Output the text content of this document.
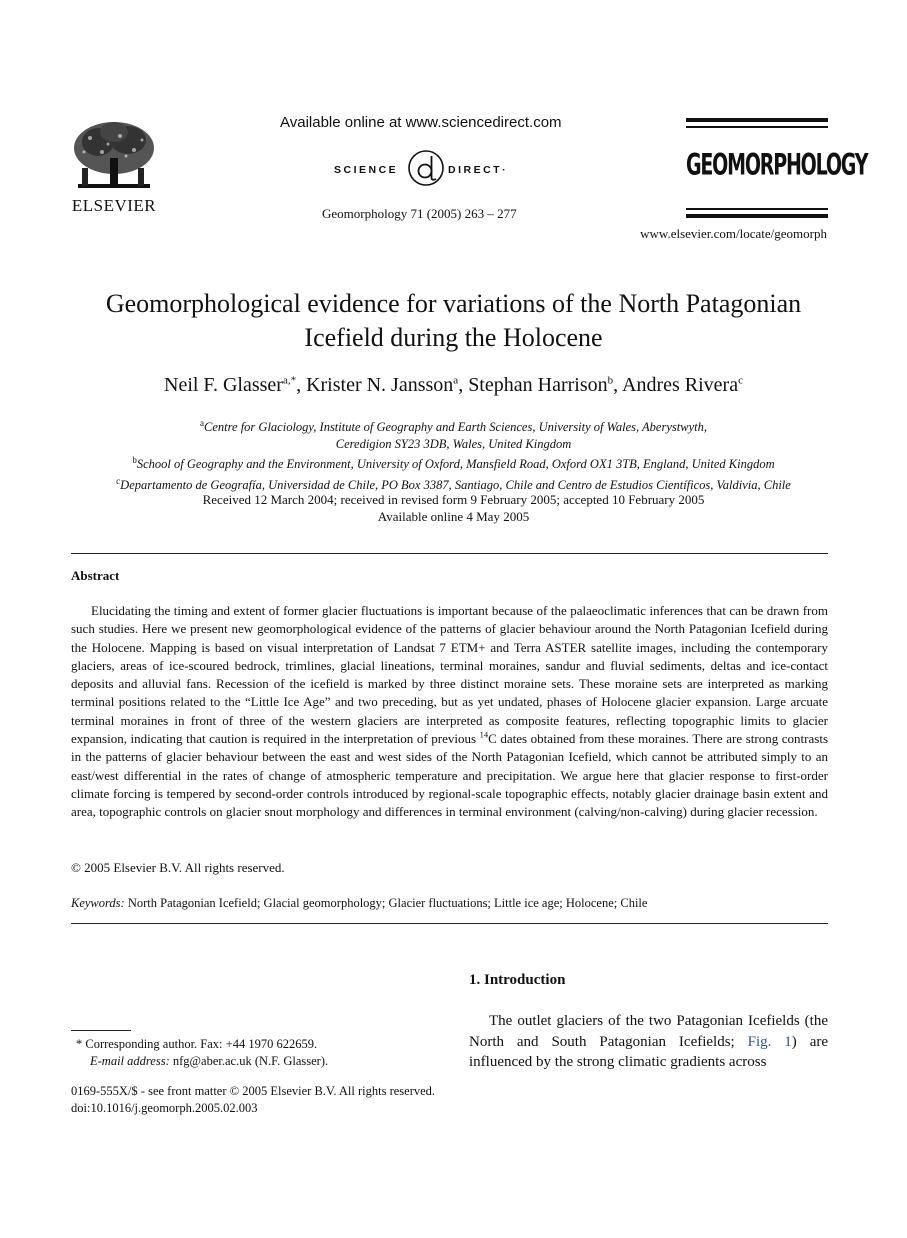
ELSEVIER
Available online at www.sciencedirect.com
SCIENCE	DIRECT·
Geomorphology 71 (2005) 263 – 277
GEOMORPHOLOGY
www.elsevier.com/locate/geomorph
Geomorphological evidence for variations of the North Patagonian
Icefield during the Holocene
Neil F. Glasser$^{a,*}$, Krister N. Jansson$^a$, Stephan Harrison$^b$, Andres Rivera$^c$
$^a$Centre for Glaciology, Institute of Geography and Earth Sciences, University of Wales, Aberystwyth,
Ceredigion SY23 3DB, Wales, United Kingdom
$^b$School of Geography and the Environment, University of Oxford, Mansfield Road, Oxford OX1 3TB, England, United Kingdom
$^c$Departamento de Geografía, Universidad de Chile, PO Box 3387, Santiago, Chile and Centro de Estudios Científicos, Valdivia, Chile
Received 12 March 2004; received in revised form 9 February 2005; accepted 10 February 2005
Available online 4 May 2005
Abstract

Elucidating the timing and extent of former glacier fluctuations is important because of the palaeoclimatic inferences that can be drawn from such studies. Here we present new geomorphological evidence of the patterns of glacier behaviour around the North Patagonian Icefield during the Holocene. Mapping is based on visual interpretation of Landsat 7 ETM+ and Terra ASTER satellite images, including the contemporary glaciers, areas of ice-scoured bedrock, trimlines, glacial lineations, terminal moraines, sandur and fluvial sediments, deltas and ice-contact deposits and alluvial fans. Recession of the icefield is marked by three distinct moraine sets. These moraine sets are interpreted as marking terminal positions related to the “Little Ice Age” and two preceding, but as yet undated, phases of Holocene glacier expansion. Large arcuate terminal moraines in front of three of the western glaciers are interpreted as composite features, reflecting topographic limits to glacier expansion, indicating that caution is required in the interpretation of previous $^{14}$C dates obtained from these moraines. There are strong contrasts in the patterns of glacier behaviour between the east and west sides of the North Patagonian Icefield, which cannot be attributed simply to an east/west differential in the rates of change of atmospheric temperature and precipitation. We argue here that glacier response to first-order climate forcing is tempered by second-order controls introduced by regional-scale topographic effects, notably glacier drainage basin extent and area, topographic controls on glacier snout morphology and differences in terminal environment (calving/non-calving) during glacier recession.

© 2005 Elsevier B.V. All rights reserved.
Keywords: North Patagonian Icefield; Glacial geomorphology; Glacier fluctuations; Little ice age; Holocene; Chile
1. Introduction

The outlet glaciers of the two Patagonian Icefields (the North and South Patagonian Icefields; Fig. 1) are influenced by the strong climatic gradients across

* Corresponding author. Fax: +44 1970 622659.
E-mail address: nfg@aber.ac.uk (N.F. Glasser).
0169-555X/$ - see front matter © 2005 Elsevier B.V. All rights reserved.
doi:10.1016/j.geomorph.2005.02.003
